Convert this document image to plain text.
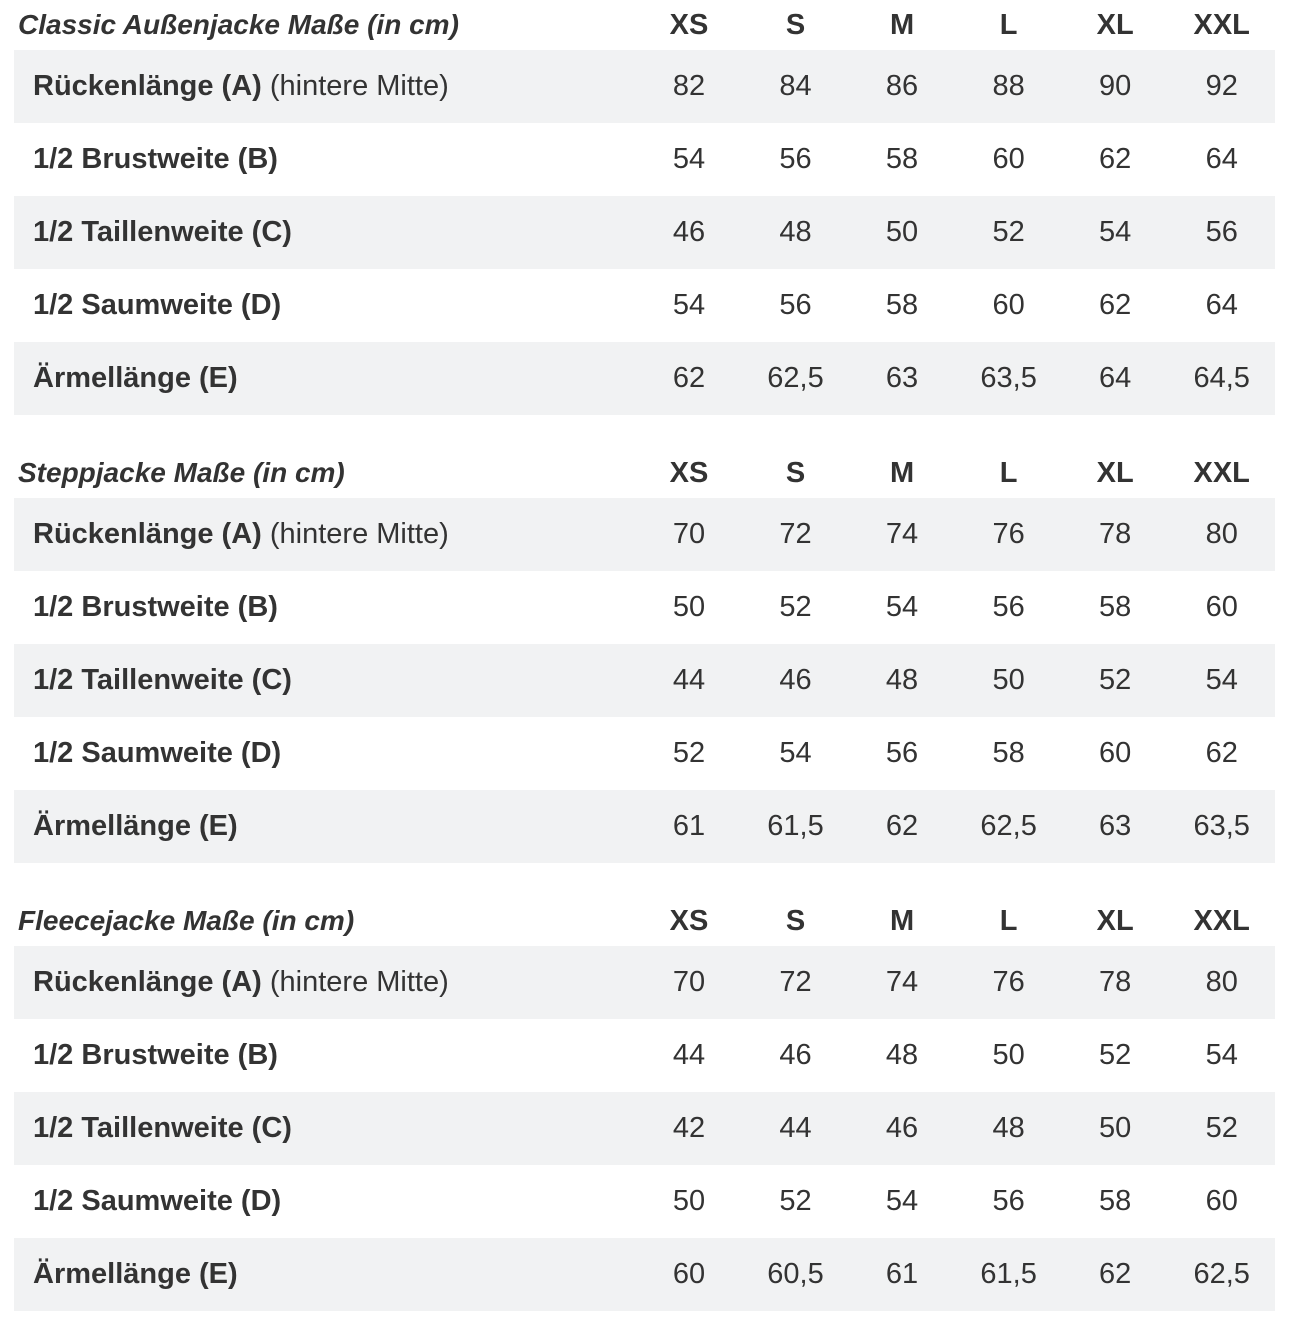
Classic Außenjacke Maße (in cm)	XS	S	M	L	XL	XXL
Rückenlänge (A) (hintere Mitte)	82	84	86	88	90	92
1/2 Brustweite (B)	54	56	58	60	62	64
1/2 Taillenweite (C)	46	48	50	52	54	56
1/2 Saumweite (D)	54	56	58	60	62	64
Ärmellänge (E)	62	62,5	63	63,5	64	64,5
Steppjacke Maße (in cm)	XS	S	M	L	XL	XXL
Rückenlänge (A) (hintere Mitte)	70	72	74	76	78	80
1/2 Brustweite (B)	50	52	54	56	58	60
1/2 Taillenweite (C)	44	46	48	50	52	54
1/2 Saumweite (D)	52	54	56	58	60	62
Ärmellänge (E)	61	61,5	62	62,5	63	63,5
Fleecejacke Maße (in cm)	XS	S	M	L	XL	XXL
Rückenlänge (A) (hintere Mitte)	70	72	74	76	78	80
1/2 Brustweite (B)	44	46	48	50	52	54
1/2 Taillenweite (C)	42	44	46	48	50	52
1/2 Saumweite (D)	50	52	54	56	58	60
Ärmellänge (E)	60	60,5	61	61,5	62	62,5
